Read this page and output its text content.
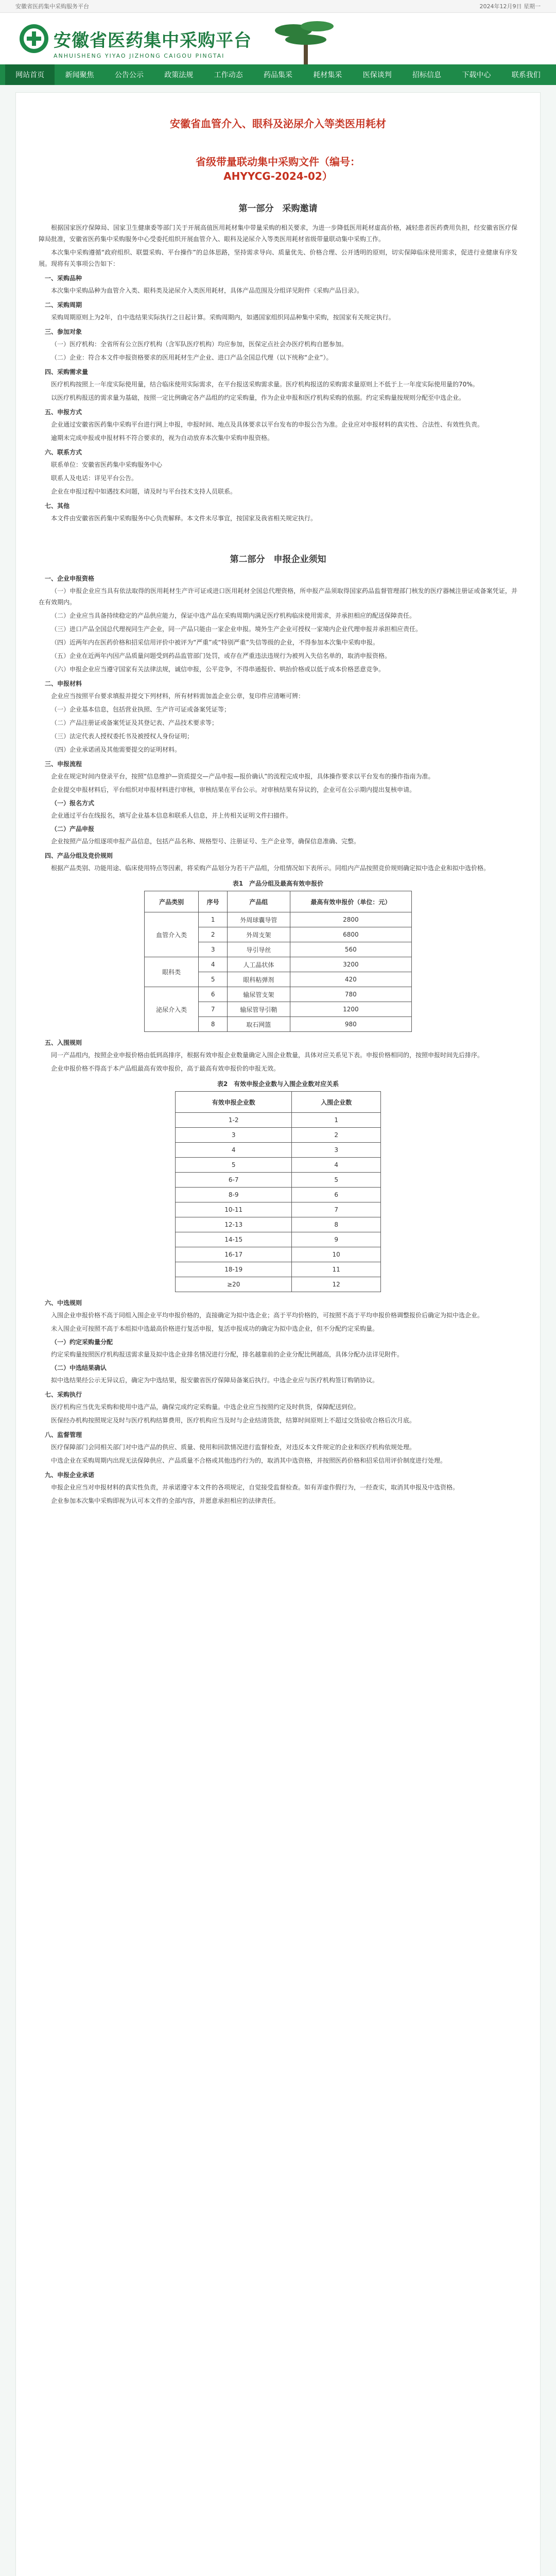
安徽省医药集中采购服务平台	2024年12月9日 星期一
安徽省医药集中采购平台
ANHUISHENG YIYAO JIZHONG CAIGOU PINGTAI
网站首页	新闻聚焦	公告公示	政策法规	工作动态	药品集采	耗材集采	医保谈判	招标信息	下载中心	联系我们
安徽省血管介入、眼科及泌尿介入等类医用耗材
省级带量联动集中采购文件（编号：
AHYYCG-2024-02）
第一部分　采购邀请
根据国家医疗保障局、国家卫生健康委等部门关于开展高值医用耗材集中带量采购的相关要求，为进一步降低医用耗材虚高价格，减轻患者医药费用负担，经安徽省医疗保障局批准，安徽省医药集中采购服务中心受委托组织开展血管介入、眼科及泌尿介入等类医用耗材省级带量联动集中采购工作。
本次集中采购遵循“政府组织、联盟采购、平台操作”的总体思路，坚持需求导向、质量优先、价格合理、公开透明的原则，切实保障临床使用需求，促进行业健康有序发展。现将有关事项公告如下：
一、采购品种
本次集中采购品种为血管介入类、眼科类及泌尿介入类医用耗材，具体产品范围及分组详见附件《采购产品目录》。
二、采购周期
采购周期原则上为2年，自中选结果实际执行之日起计算。采购周期内，如遇国家组织同品种集中采购，按国家有关规定执行。
三、参加对象
（一）医疗机构：全省所有公立医疗机构（含军队医疗机构）均应参加，医保定点社会办医疗机构自愿参加。
（二）企业：符合本文件申报资格要求的医用耗材生产企业、进口产品全国总代理（以下统称“企业”）。
四、采购需求量
医疗机构按照上一年度实际使用量，结合临床使用实际需求，在平台报送采购需求量。医疗机构报送的采购需求量原则上不低于上一年度实际使用量的70%。
以医疗机构报送的需求量为基础，按照一定比例确定各产品组的约定采购量，作为企业申报和医疗机构采购的依据。约定采购量按规则分配至中选企业。
五、申报方式
企业通过安徽省医药集中采购平台进行网上申报，申报时间、地点及具体要求以平台发布的申报公告为准。企业应对申报材料的真实性、合法性、有效性负责。
逾期未完成申报或申报材料不符合要求的，视为自动放弃本次集中采购申报资格。
六、联系方式
联系单位：安徽省医药集中采购服务中心
联系人及电话：详见平台公告。
企业在申报过程中如遇技术问题，请及时与平台技术支持人员联系。
七、其他
本文件由安徽省医药集中采购服务中心负责解释。本文件未尽事宜，按国家及我省相关规定执行。
第二部分　申报企业须知
一、企业申报资格
（一）申报企业应当具有依法取得的医用耗材生产许可证或进口医用耗材全国总代理资格，所申报产品须取得国家药品监督管理部门核发的医疗器械注册证或备案凭证，并在有效期内。
（二）企业应当具备持续稳定的产品供应能力，保证中选产品在采购周期内满足医疗机构临床使用需求，并承担相应的配送保障责任。
（三）进口产品全国总代理视同生产企业，同一产品只能由一家企业申报。境外生产企业可授权一家境内企业代理申报并承担相应责任。
（四）近两年内在医药价格和招采信用评价中被评为“严重”或“特别严重”失信等级的企业，不得参加本次集中采购申报。
（五）企业在近两年内因产品质量问题受到药品监管部门处罚，或存在严重违法违规行为被列入失信名单的，取消申报资格。
（六）申报企业应当遵守国家有关法律法规，诚信申报，公平竞争，不得串通报价、哄抬价格或以低于成本价格恶意竞争。
二、申报材料
企业应当按照平台要求填报并提交下列材料，所有材料需加盖企业公章，复印件应清晰可辨：
（一）企业基本信息，包括营业执照、生产许可证或备案凭证等；
（二）产品注册证或备案凭证及其登记表、产品技术要求等；
（三）法定代表人授权委托书及被授权人身份证明；
（四）企业承诺函及其他需要提交的证明材料。
三、申报流程
企业在规定时间内登录平台，按照“信息维护—资质提交—产品申报—报价确认”的流程完成申报，具体操作要求以平台发布的操作指南为准。
企业提交申报材料后，平台组织对申报材料进行审核，审核结果在平台公示。对审核结果有异议的，企业可在公示期内提出复核申请。
（一）报名方式
企业通过平台在线报名，填写企业基本信息和联系人信息，并上传相关证明文件扫描件。
（二）产品申报
企业按照产品分组逐项申报产品信息，包括产品名称、规格型号、注册证号、生产企业等，确保信息准确、完整。
四、产品分组及竞价规则
根据产品类别、功能用途、临床使用特点等因素，将采购产品划分为若干产品组，分组情况如下表所示。同组内产品按照竞价规则确定拟中选企业和拟中选价格。
表1　产品分组及最高有效申报价
产品类别	序号	产品组	最高有效申报价（单位：元）
血管介入类	1	外周球囊导管	2800
	2	外周支架	6800
	3	导引导丝	560
眼科类	4	人工晶状体	3200
	5	眼科粘弹剂	420
泌尿介入类	6	输尿管支架	780
	7	输尿管导引鞘	1200
	8	取石网篮	980
五、入围规则
同一产品组内，按照企业申报价格由低到高排序，根据有效申报企业数量确定入围企业数量，具体对应关系见下表。申报价格相同的，按照申报时间先后排序。
企业申报价格不得高于本产品组最高有效申报价，高于最高有效申报价的申报无效。
表2　有效申报企业数与入围企业数对应关系
有效申报企业数	入围企业数
1-2	1
3	2
4	3
5	4
6-7	5
8-9	6
10-11	7
12-13	8
14-15	9
16-17	10
18-19	11
≥20	12
六、中选规则
入围企业申报价格不高于同组入围企业平均申报价格的，直接确定为拟中选企业；高于平均价格的，可按照不高于平均申报价格调整报价后确定为拟中选企业。
未入围企业可按照不高于本组拟中选最高价格进行复活申报，复活申报成功的确定为拟中选企业，但不分配约定采购量。
（一）约定采购量分配
约定采购量按照医疗机构报送需求量及拟中选企业排名情况进行分配，排名越靠前的企业分配比例越高，具体分配办法详见附件。
（二）中选结果确认
拟中选结果经公示无异议后，确定为中选结果，报安徽省医疗保障局备案后执行。中选企业应与医疗机构签订购销协议。
七、采购执行
医疗机构应当优先采购和使用中选产品，确保完成约定采购量。中选企业应当按照约定及时供货，保障配送到位。
医保经办机构按照规定及时与医疗机构结算费用，医疗机构应当及时与企业结清货款，结算时间原则上不超过交货验收合格后次月底。
八、监督管理
医疗保障部门会同相关部门对中选产品的供应、质量、使用和回款情况进行监督检查，对违反本文件规定的企业和医疗机构依规处理。
中选企业在采购周期内出现无法保障供应、产品质量不合格或其他违约行为的，取消其中选资格，并按照医药价格和招采信用评价制度进行处理。
九、申报企业承诺
申报企业应当对申报材料的真实性负责，并承诺遵守本文件的各项规定，自觉接受监督检查。如有弄虚作假行为，一经查实，取消其申报及中选资格。
企业参加本次集中采购即视为认可本文件的全部内容，并愿意承担相应的法律责任。
